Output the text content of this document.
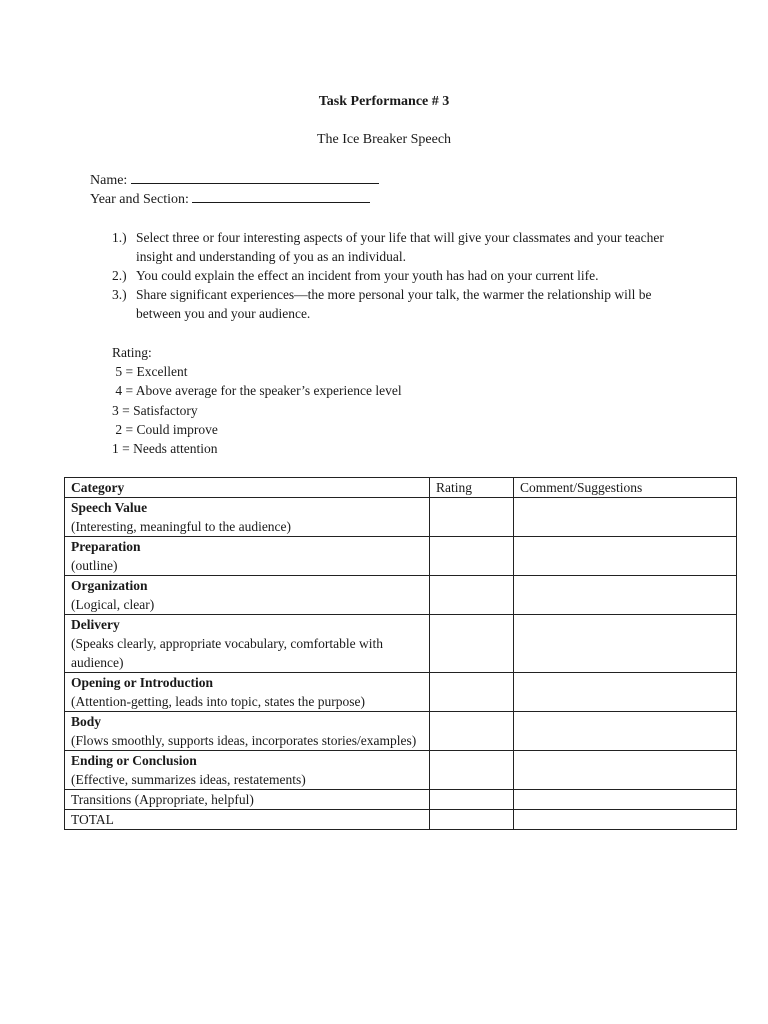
Task Performance # 3
The Ice Breaker Speech
Name:
Year and Section:
1.) Select three or four interesting aspects of your life that will give your classmates and your teacher insight and understanding of you as an individual.
2.) You could explain the effect an incident from your youth has had on your current life.
3.) Share significant experiences—the more personal your talk, the warmer the relationship will be between you and your audience.
Rating:
5 = Excellent
4 = Above average for the speaker’s experience level
3 = Satisfactory
2 = Could improve
1 = Needs attention
Category	Rating	Comment/Suggestions

Speech Value
(Interesting, meaningful to the audience)		

Preparation
(outline)		

Organization
(Logical, clear)		

Delivery
(Speaks clearly, appropriate vocabulary, comfortable with audience)		

Opening or Introduction
(Attention-getting, leads into topic, states the purpose)		

Body
(Flows smoothly, supports ideas, incorporates stories/examples)		

Ending or Conclusion
(Effective, summarizes ideas, restatements)		

Transitions (Appropriate, helpful)		

TOTAL		
